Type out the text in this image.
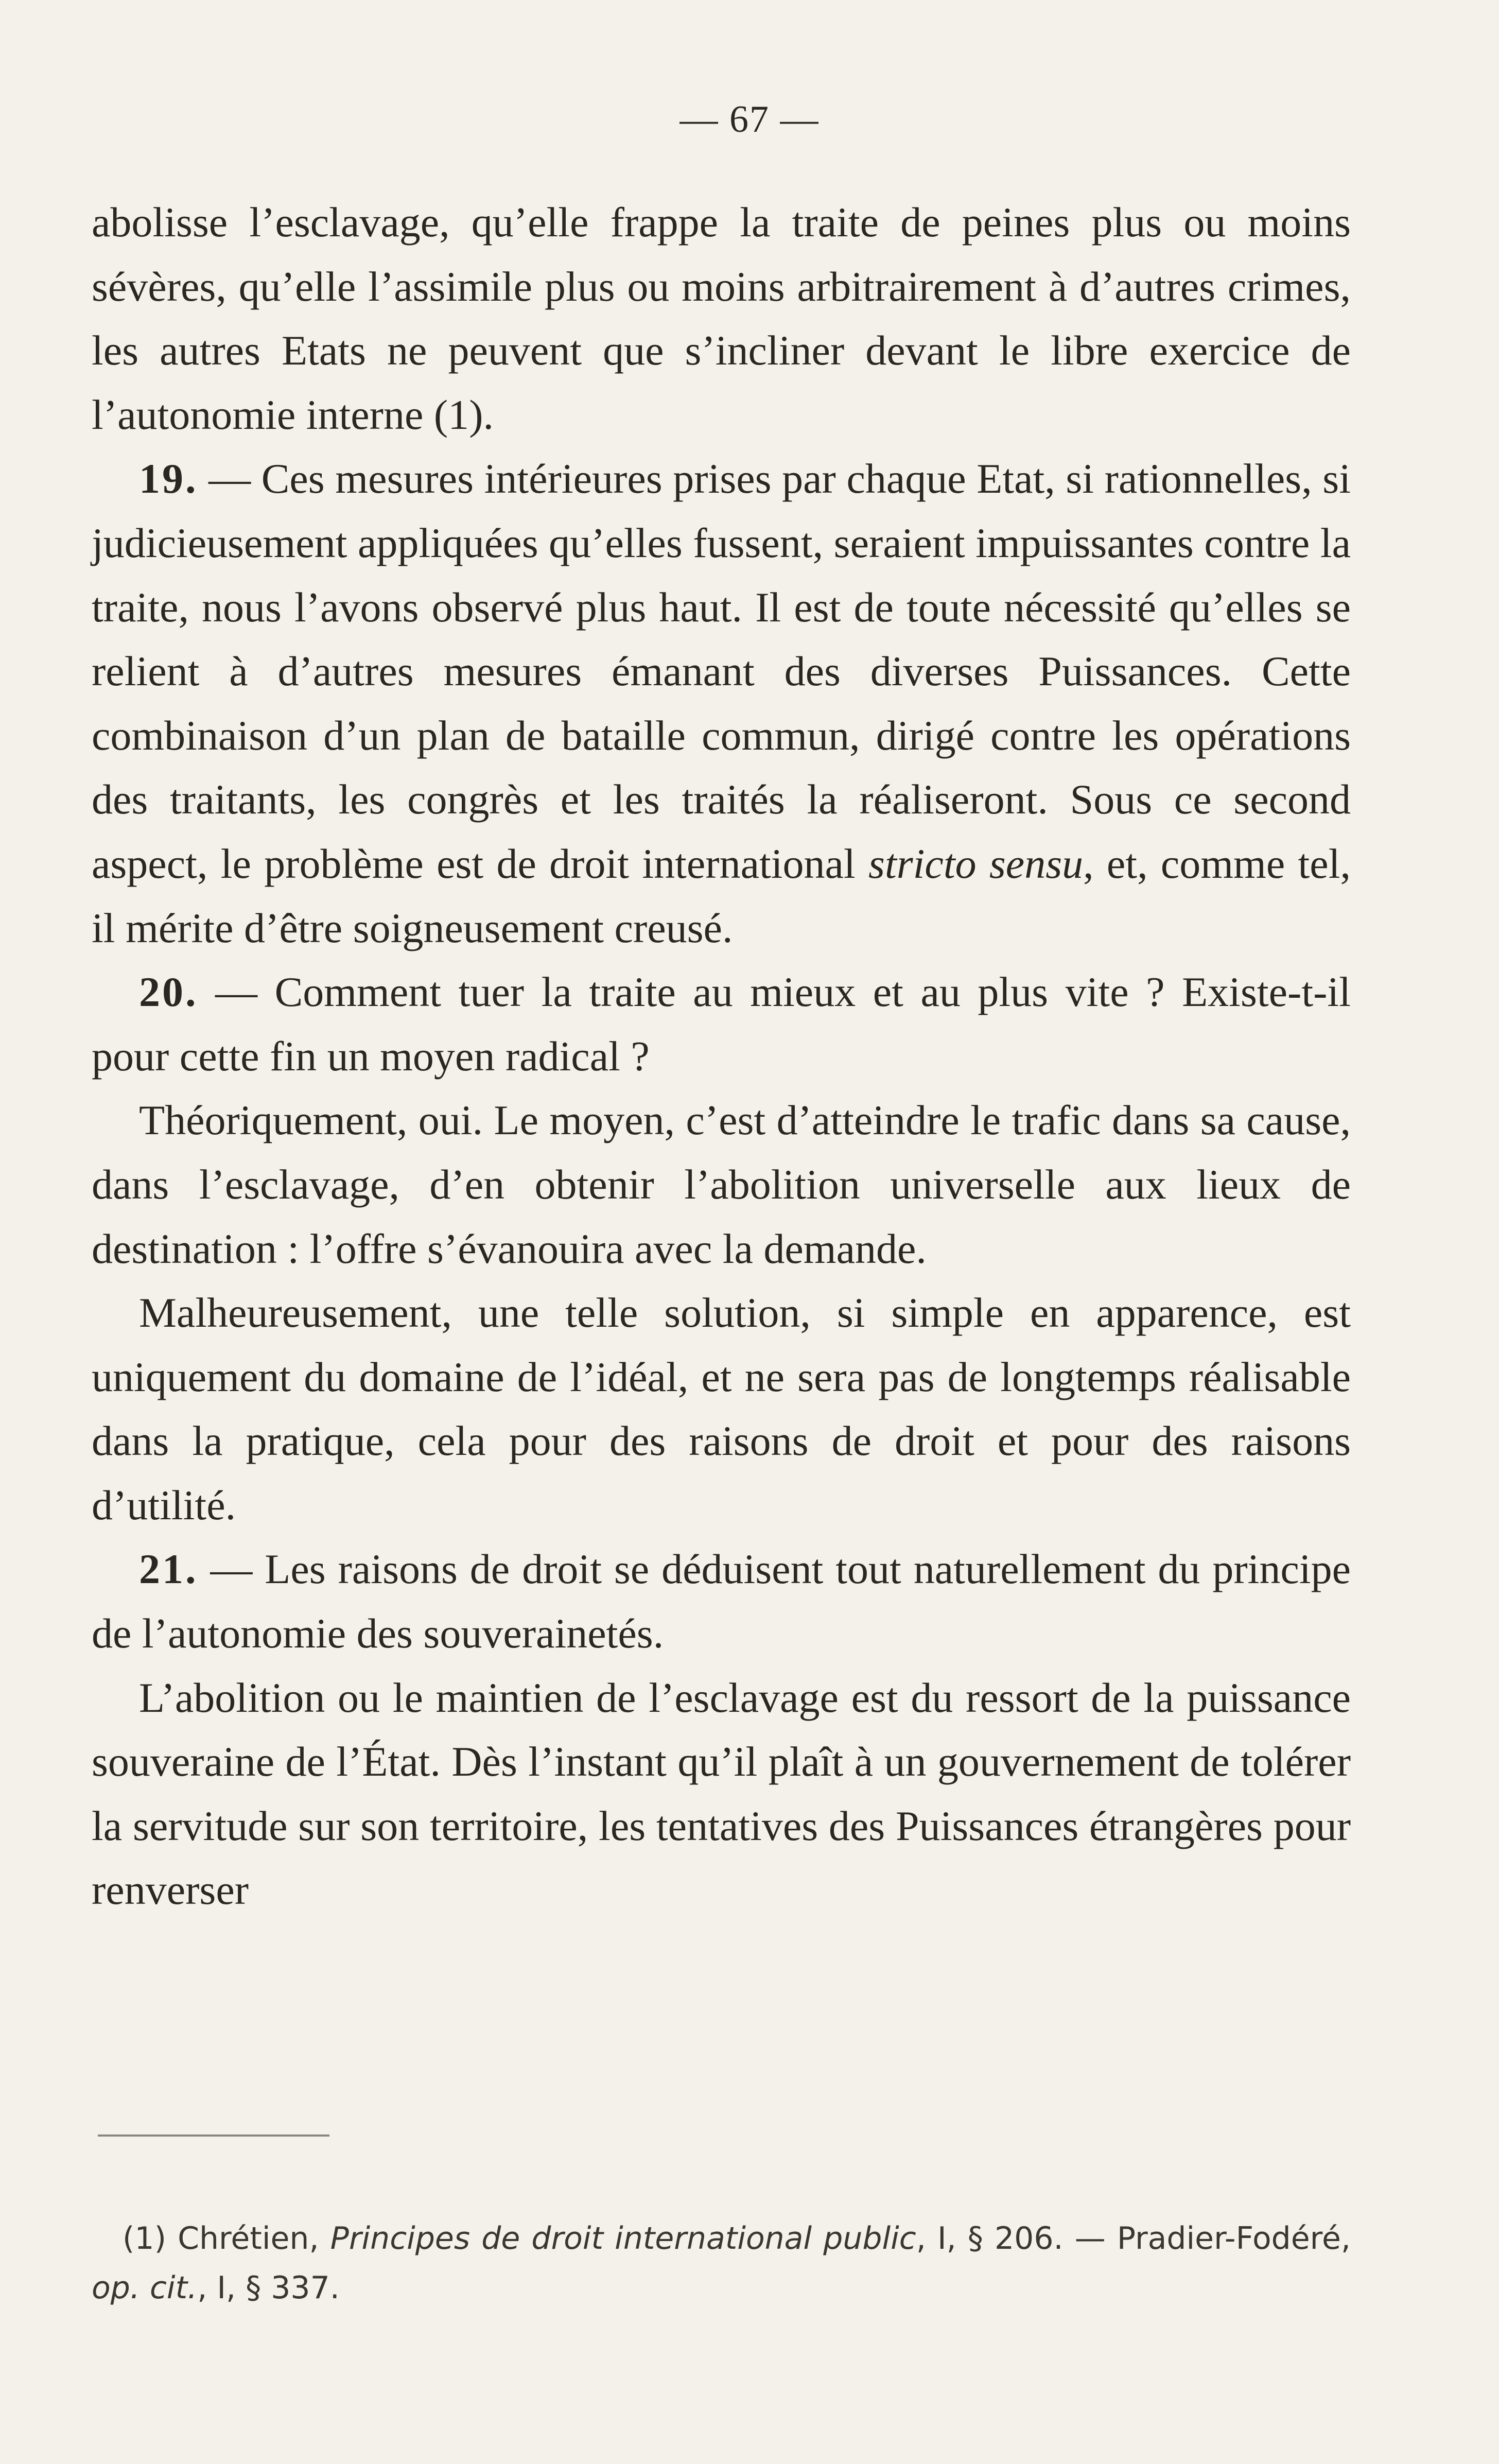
— 67 —

abolisse l’esclavage, qu’elle frappe la traite de peines plus ou moins sévères, qu’elle l’assimile plus ou moins arbitrairement à d’autres crimes, les autres Etats ne peuvent que s’incliner devant le libre exercice de l’autonomie interne (1).

19. — Ces mesures intérieures prises par chaque Etat, si rationnelles, si judicieusement appliquées qu’elles fussent, seraient impuissantes contre la traite, nous l’avons observé plus haut. Il est de toute nécessité qu’elles se relient à d’autres mesures émanant des diverses Puissances. Cette combinaison d’un plan de bataille commun, dirigé contre les opérations des traitants, les congrès et les traités la réaliseront. Sous ce second aspect, le problème est de droit international stricto sensu, et, comme tel, il mérite d’être soigneusement creusé.

20. — Comment tuer la traite au mieux et au plus vite ? Existe-t-il pour cette fin un moyen radical ?

Théoriquement, oui. Le moyen, c’est d’atteindre le trafic dans sa cause, dans l’esclavage, d’en obtenir l’abolition universelle aux lieux de destination : l’offre s’évanouira avec la demande.

Malheureusement, une telle solution, si simple en apparence, est uniquement du domaine de l’idéal, et ne sera pas de longtemps réalisable dans la pratique, cela pour des raisons de droit et pour des raisons d’utilité.

21. — Les raisons de droit se déduisent tout naturellement du principe de l’autonomie des souverainetés.

L’abolition ou le maintien de l’esclavage est du ressort de la puissance souveraine de l’État. Dès l’instant qu’il plaît à un gouvernement de tolérer la servitude sur son territoire, les tentatives des Puissances étrangères pour renverser

(1) Chrétien, Principes de droit international public, I, § 206. — Pradier-Fodéré, op. cit., I, § 337.
